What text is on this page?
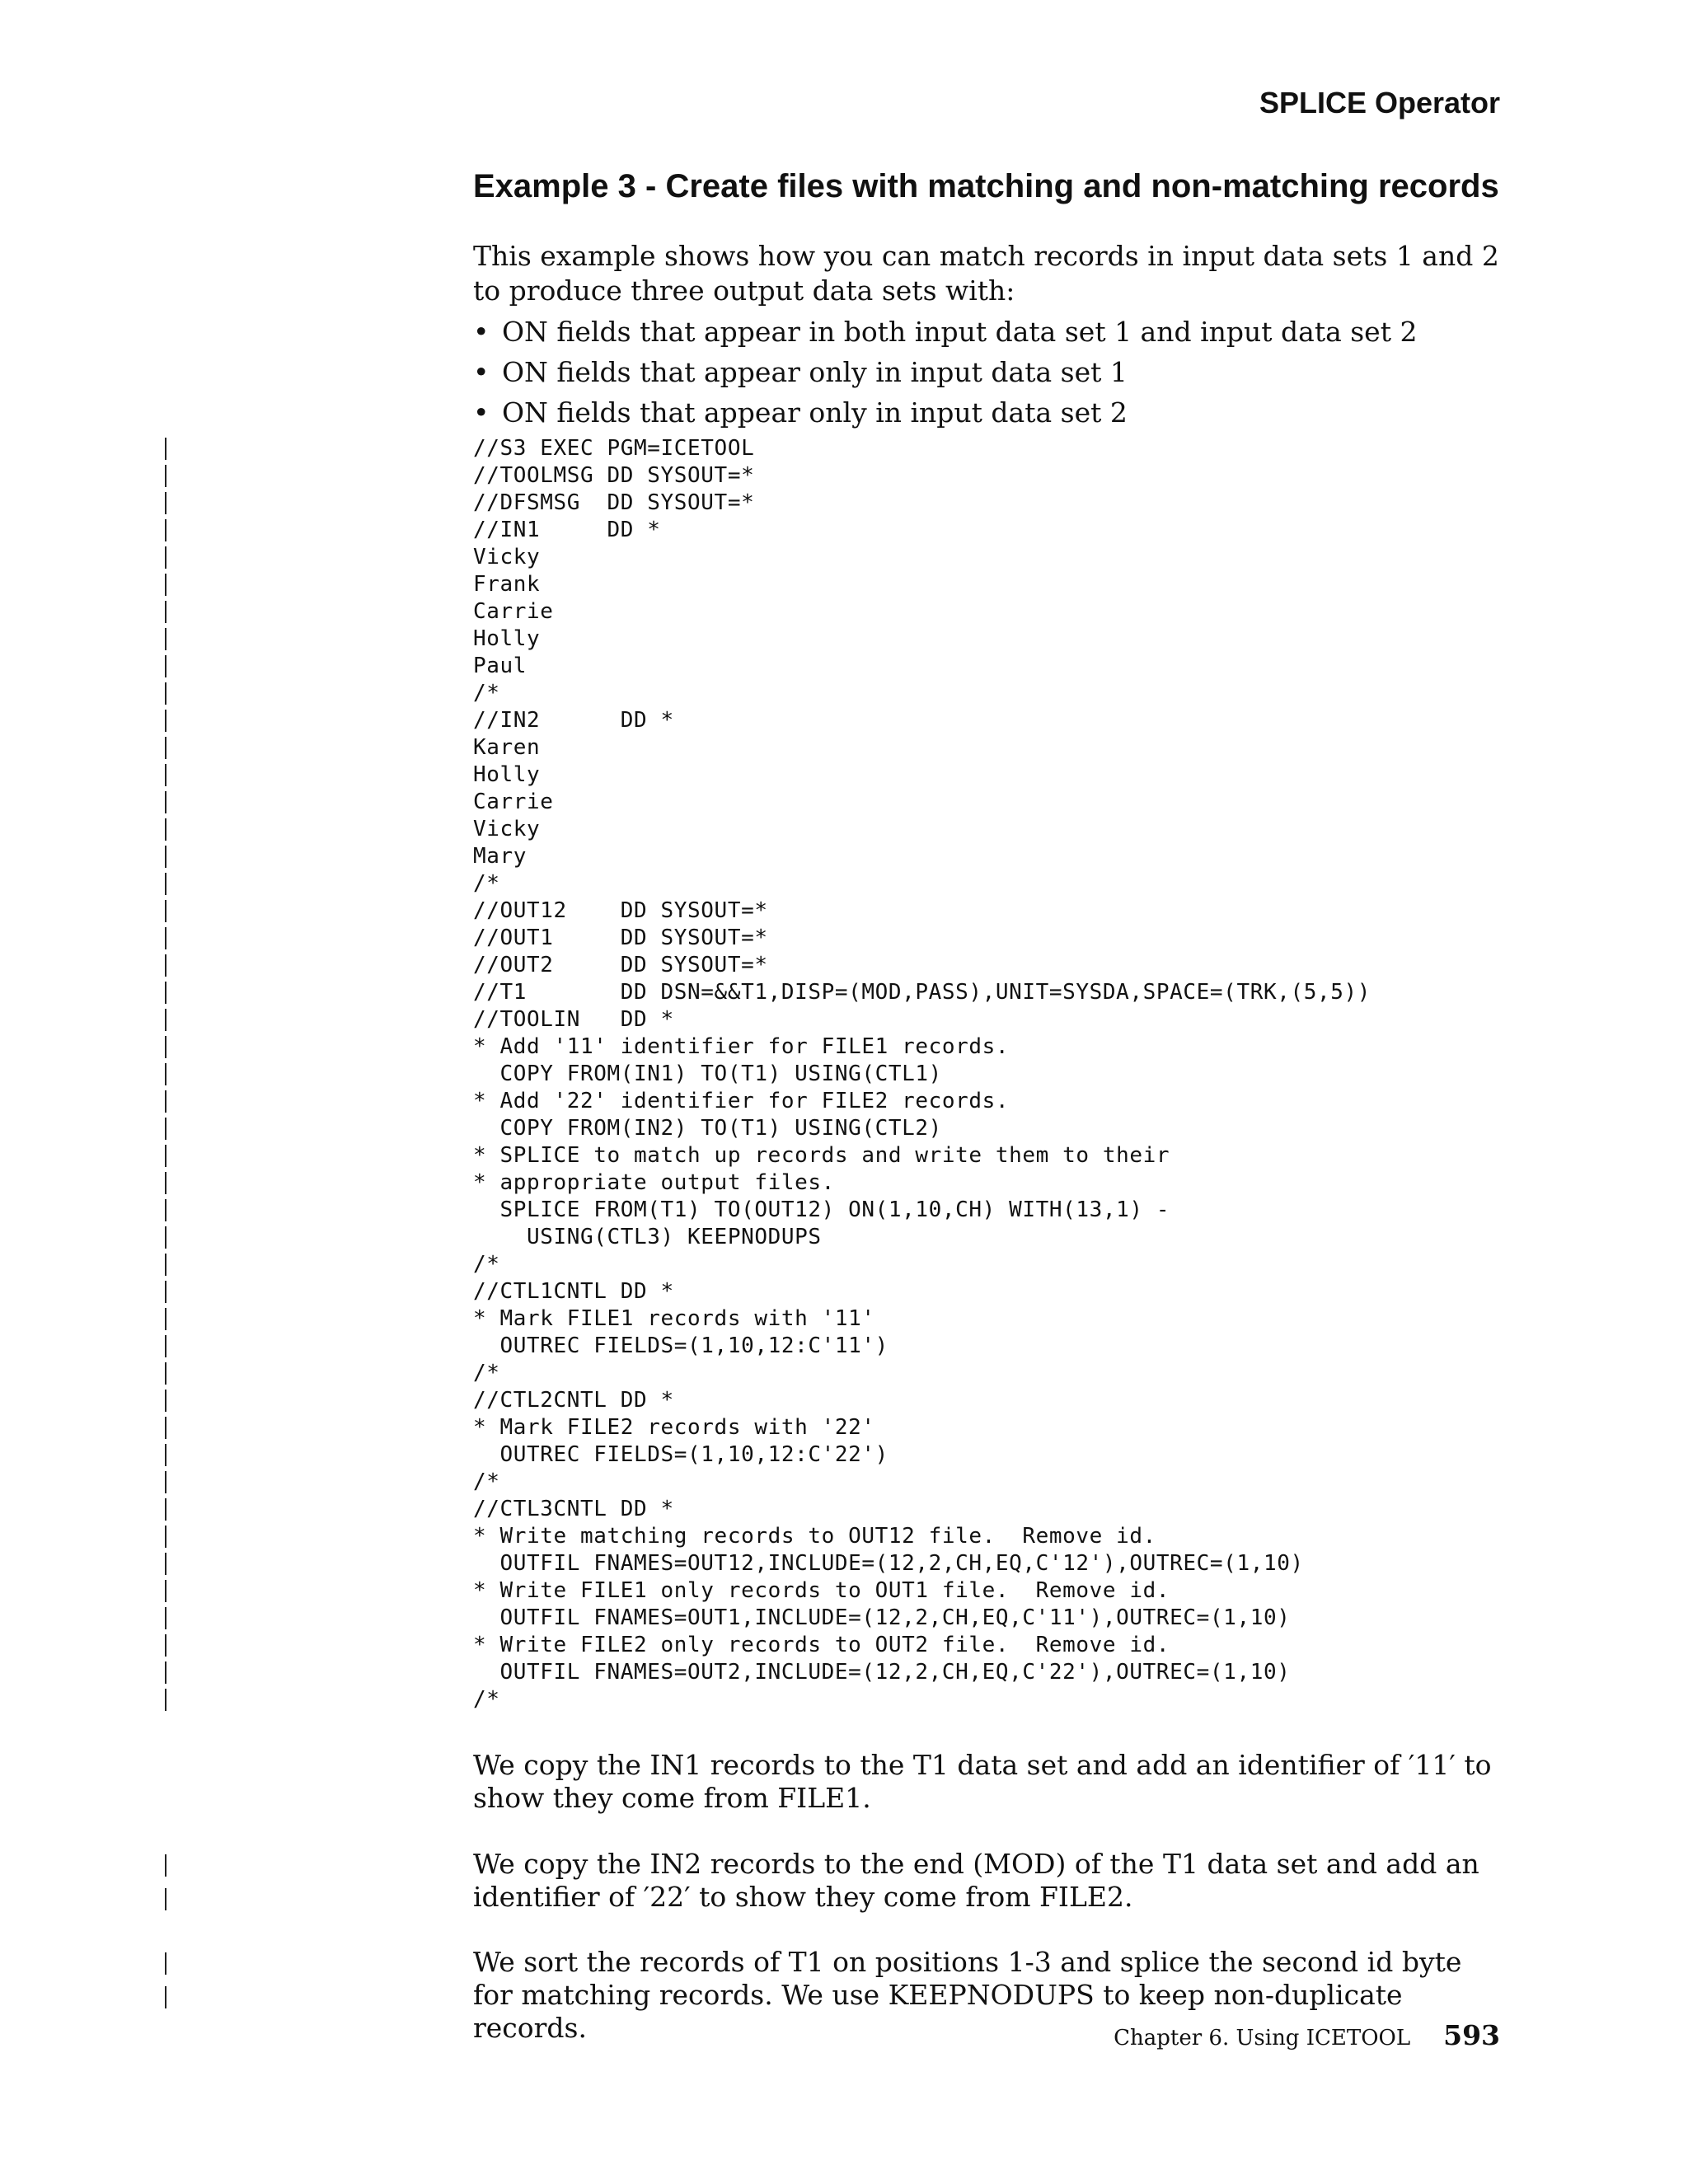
SPLICE Operator
Example 3 - Create files with matching and non-matching records

This example shows how you can match records in input data sets 1 and 2 to produce three output data sets with:

• ON fields that appear in both input data set 1 and input data set 2
• ON fields that appear only in input data set 1
• ON fields that appear only in input data set 2
//S3 EXEC PGM=ICETOOL
//TOOLMSG DD SYSOUT=*
//DFSMSG  DD SYSOUT=*
//IN1     DD *
Vicky
Frank
Carrie
Holly
Paul
/*
//IN2      DD *
Karen
Holly
Carrie
Vicky
Mary
/*
//OUT12    DD SYSOUT=*
//OUT1     DD SYSOUT=*
//OUT2     DD SYSOUT=*
//T1       DD DSN=&&T1,DISP=(MOD,PASS),UNIT=SYSDA,SPACE=(TRK,(5,5))
//TOOLIN   DD *
* Add '11' identifier for FILE1 records.
COPY FROM(IN1) TO(T1) USING(CTL1)
* Add '22' identifier for FILE2 records.
COPY FROM(IN2) TO(T1) USING(CTL2)
* SPLICE to match up records and write them to their
* appropriate output files.
SPLICE FROM(T1) TO(OUT12) ON(1,10,CH) WITH(13,1) -
USING(CTL3) KEEPNODUPS
/*
//CTL1CNTL DD *
* Mark FILE1 records with '11'
OUTREC FIELDS=(1,10,12:C'11')
/*
//CTL2CNTL DD *
* Mark FILE2 records with '22'
OUTREC FIELDS=(1,10,12:C'22')
/*
//CTL3CNTL DD *
* Write matching records to OUT12 file.  Remove id.
OUTFIL FNAMES=OUT12,INCLUDE=(12,2,CH,EQ,C'12'),OUTREC=(1,10)
* Write FILE1 only records to OUT1 file.  Remove id.
OUTFIL FNAMES=OUT1,INCLUDE=(12,2,CH,EQ,C'11'),OUTREC=(1,10)
* Write FILE2 only records to OUT2 file.  Remove id.
OUTFIL FNAMES=OUT2,INCLUDE=(12,2,CH,EQ,C'22'),OUTREC=(1,10)
/*

We copy the IN1 records to the T1 data set and add an identifier of ′11′ to show they come from FILE1.

We copy the IN2 records to the end (MOD) of the T1 data set and add an identifier of ′22′ to show they come from FILE2.

We sort the records of T1 on positions 1-3 and splice the second id byte for matching records. We use KEEPNODUPS to keep non-duplicate records.	Chapter 6. Using ICETOOL 593
